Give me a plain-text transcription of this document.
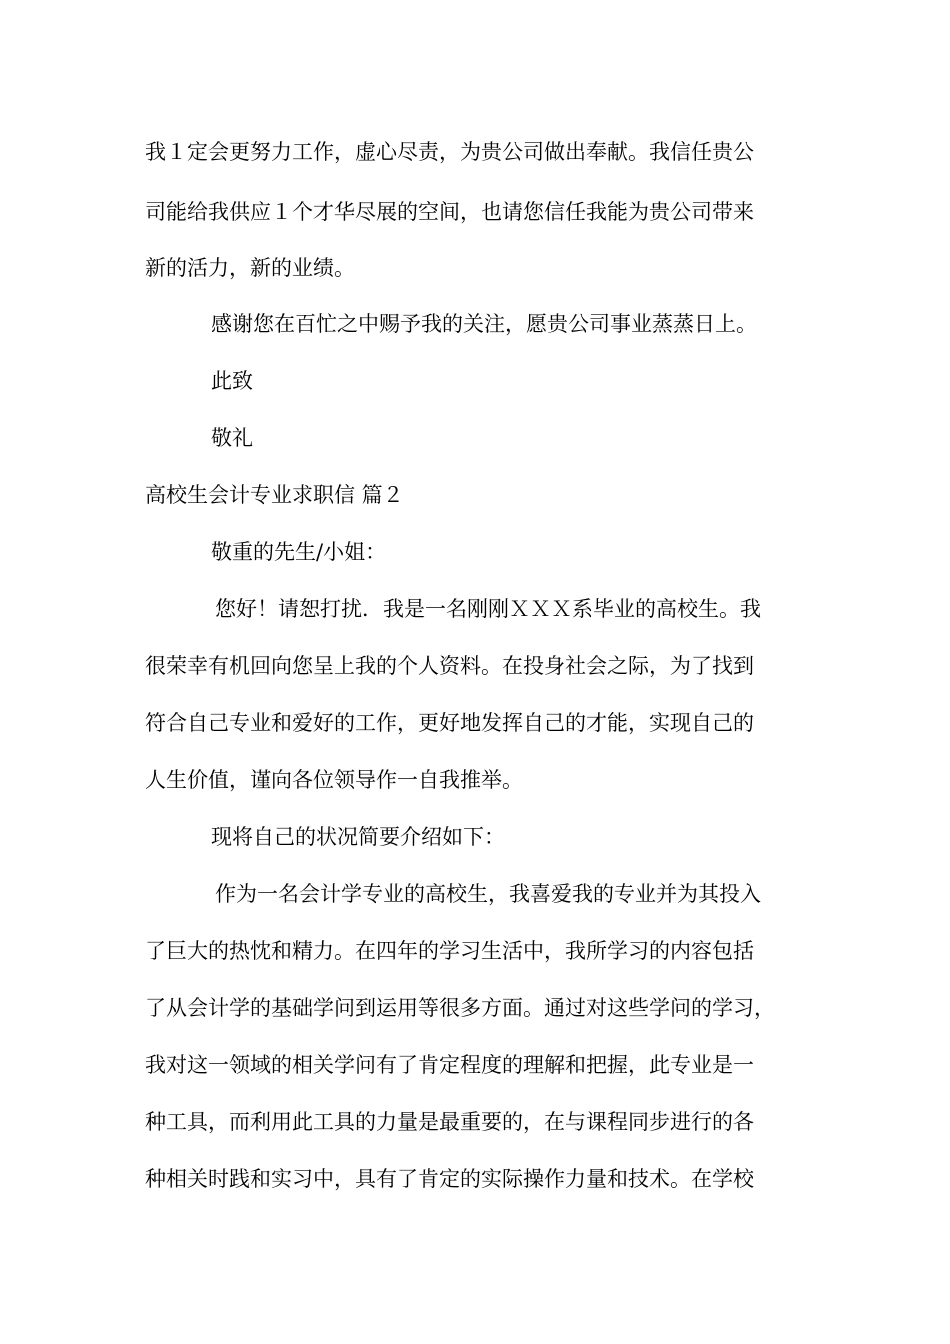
我１定会更努力工作，虚心尽责，为贵公司做出奉献。我信任贵公

司能给我供应１个才华尽展的空间，也请您信任我能为贵公司带来

新的活力，新的业绩。

感谢您在百忙之中赐予我的关注，愿贵公司事业蒸蒸日上。

此致

敬礼

高校生会计专业求职信 篇２

敬重的先生/小姐：

您好！请恕打扰．我是一名刚刚ＸＸＸ系毕业的高校生。我

很荣幸有机回向您呈上我的个人资料。在投身社会之际，为了找到

符合自己专业和爱好的工作，更好地发挥自己的才能，实现自己的

人生价值，谨向各位领导作一自我推举。

现将自己的状况简要介绍如下：

作为一名会计学专业的高校生，我喜爱我的专业并为其投入

了巨大的热忱和精力。在四年的学习生活中，我所学习的内容包括

了从会计学的基础学问到运用等很多方面。通过对这些学问的学习，

我对这一领域的相关学问有了肯定程度的理解和把握，此专业是一

种工具，而利用此工具的力量是最重要的，在与课程同步进行的各

种相关时践和实习中，具有了肯定的实际操作力量和技术。在学校
